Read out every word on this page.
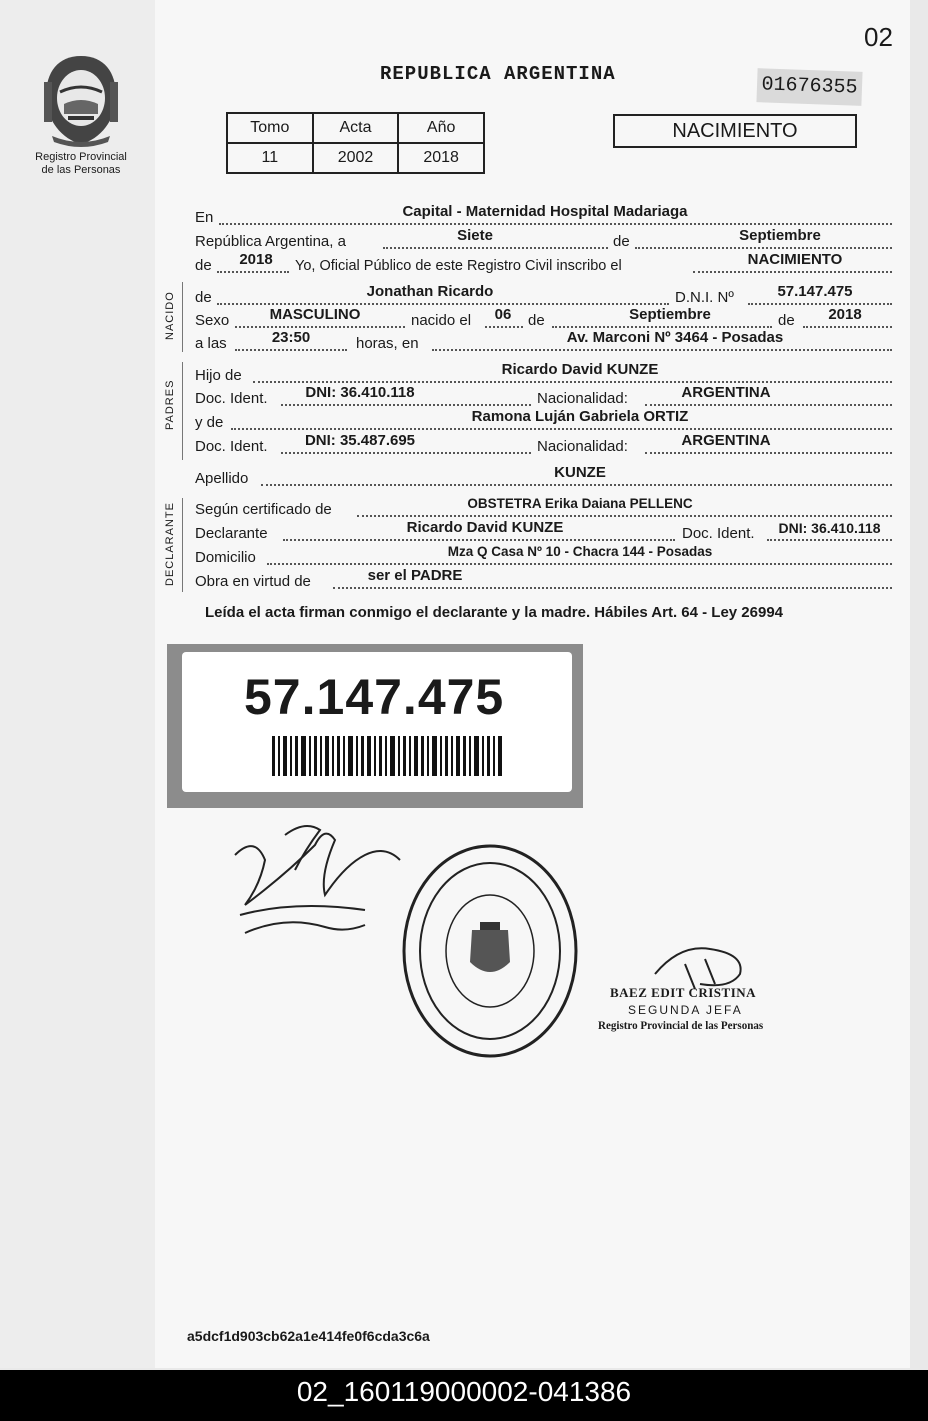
02
Registro Provincial
de las Personas
REPUBLICA ARGENTINA	01676355
Tomo	Acta	Año
11	2002	2018
NACIMIENTO
En	Capital - Maternidad Hospital Madariaga
República Argentina, a	Siete	de	Septiembre
de	2018	Yo, Oficial Público de este Registro Civil inscribo el	NACIMIENTO
NACIDO de	Jonathan Ricardo	D.N.I. Nº	57.147.475
Sexo	MASCULINO	nacido el	06	de	Septiembre	de	2018
a las	23:50	horas, en	Av. Marconi Nº 3464 - Posadas
PADRES
Hijo de	Ricardo David KUNZE
Doc. Ident.	DNI: 36.410.118	Nacionalidad:	ARGENTINA
y de	Ramona Luján Gabriela ORTIZ
Doc. Ident.	DNI: 35.487.695	Nacionalidad:	ARGENTINA
Apellido	KUNZE
DECLARANTE Según certificado de	OBSTETRA Erika Daiana PELLENC
Declarante	Ricardo David KUNZE	Doc. Ident.	DNI: 36.410.118
Domicilio	Mza Q Casa Nº 10 - Chacra 144 - Posadas
Obra en virtud de	ser el PADRE
Leída el acta firman conmigo el declarante y la madre. Hábiles Art. 64 - Ley 26994
57.147.475
BAEZ EDIT CRISTINA
SEGUNDA JEFA
Registro Provincial de las Personas
a5dcf1d903cb62a1e414fe0f6cda3c6a
02_160119000002-041386
